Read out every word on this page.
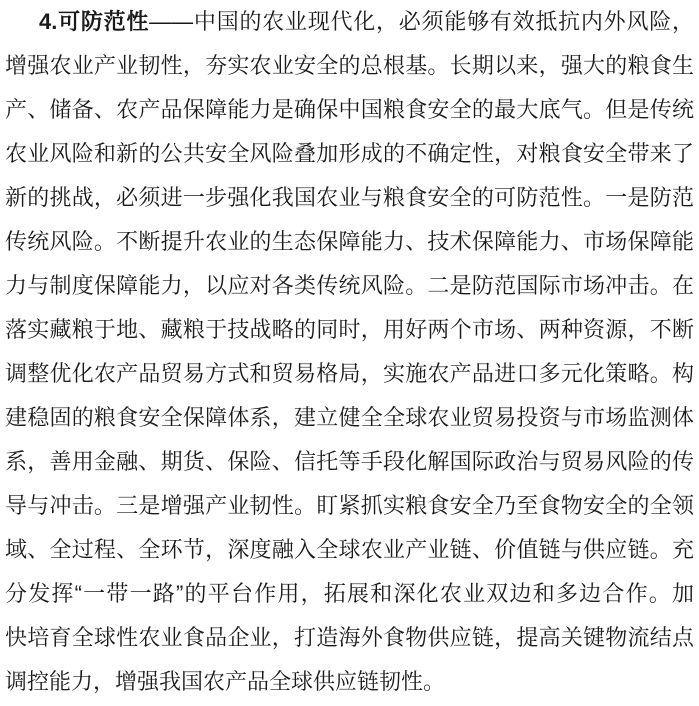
4.可防范性——中国的农业现代化，必须能够有效抵抗内外风险，
增强农业产业韧性，夯实农业安全的总根基。长期以来，强大的粮食生
产、储备、农产品保障能力是确保中国粮食安全的最大底气。但是传统
农业风险和新的公共安全风险叠加形成的不确定性，对粮食安全带来了
新的挑战，必须进一步强化我国农业与粮食安全的可防范性。一是防范
传统风险。不断提升农业的生态保障能力、技术保障能力、市场保障能
力与制度保障能力，以应对各类传统风险。二是防范国际市场冲击。在
落实藏粮于地、藏粮于技战略的同时，用好两个市场、两种资源，不断
调整优化农产品贸易方式和贸易格局，实施农产品进口多元化策略。构
建稳固的粮食安全保障体系，建立健全全球农业贸易投资与市场监测体
系，善用金融、期货、保险、信托等手段化解国际政治与贸易风险的传
导与冲击。三是增强产业韧性。盯紧抓实粮食安全乃至食物安全的全领
域、全过程、全环节，深度融入全球农业产业链、价值链与供应链。充
分发挥“一带一路”的平台作用，拓展和深化农业双边和多边合作。加
快培育全球性农业食品企业，打造海外食物供应链，提高关键物流结点
调控能力，增强我国农产品全球供应链韧性。
